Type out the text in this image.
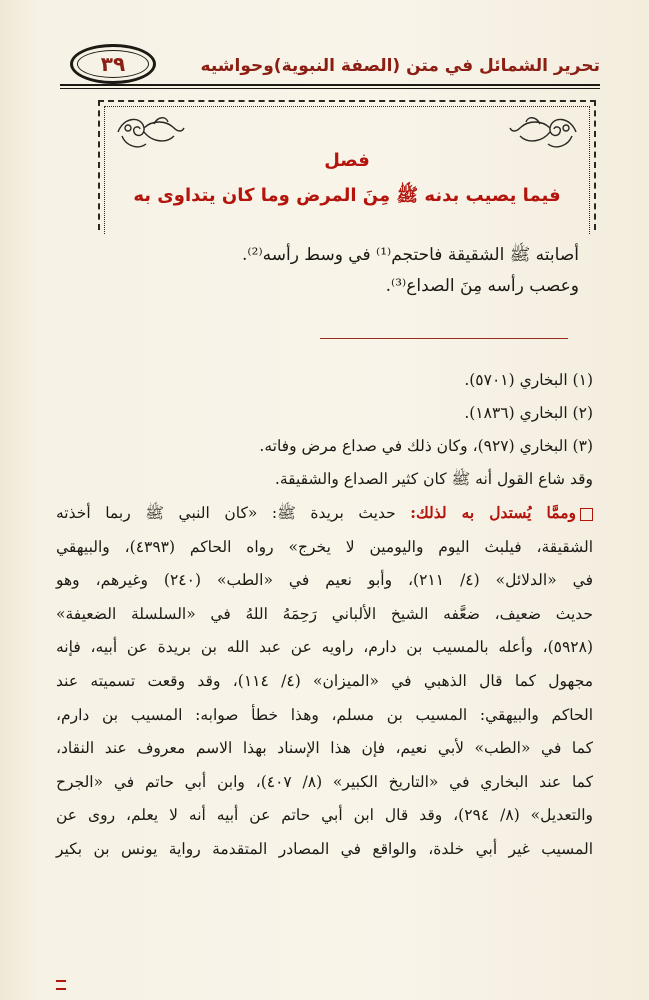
٣٩	تحرير الشمائل في متن (الصفة النبوية)وحواشيه
فصل
فيما يصيب بدنه ﷺ مِنَ المرض وما كان يتداوى به

أصابته ﷺ الشقيقة فاحتجم⁽¹⁾ في وسط رأسه⁽²⁾.

وعصب رأسه مِنَ الصداع⁽³⁾.

(١) البخاري (٥٧٠١).

(٢) البخاري (١٨٣٦).

(٣) البخاري (٩٢٧)، وكان ذلك في صداع مرض وفاته.

وقد شاع القول أنه ﷺ كان كثير الصداع والشقيقة.

وممَّا يُستدل به لذلك: حديث بريدة ﷺ: «كان النبي ﷺ ربما أخذته
الشقيقة، فيلبث اليوم واليومين لا يخرج» رواه الحاكم (٤٣٩٣)، والبيهقي
في «الدلائل» (٤/ ٢١١)، وأبو نعيم في «الطب» (٢٤٠) وغيرهم، وهو
حديث ضعيف، ضعَّفه الشيخ الألباني رَحِمَهُ اللهُ في «السلسلة الضعيفة»
(٥٩٢٨)، وأعله بالمسيب بن دارم، راويه عن عبد الله بن بريدة عن أبيه، فإنه
مجهول كما قال الذهبي في «الميزان» (٤/ ١١٤)، وقد وقعت تسميته عند
الحاكم والبيهقي: المسيب بن مسلم، وهذا خطأ صوابه: المسيب بن دارم،
كما في «الطب» لأبي نعيم، فإن هذا الإسناد بهذا الاسم معروف عند النقاد،
كما عند البخاري في «التاريخ الكبير» (٨/ ٤٠٧)، وابن أبي حاتم في «الجرح
والتعديل» (٨/ ٢٩٤)، وقد قال ابن أبي حاتم عن أبيه أنه لا يعلم، روى عن
المسيب غير أبي خلدة، والواقع في المصادر المتقدمة رواية يونس بن بكير
